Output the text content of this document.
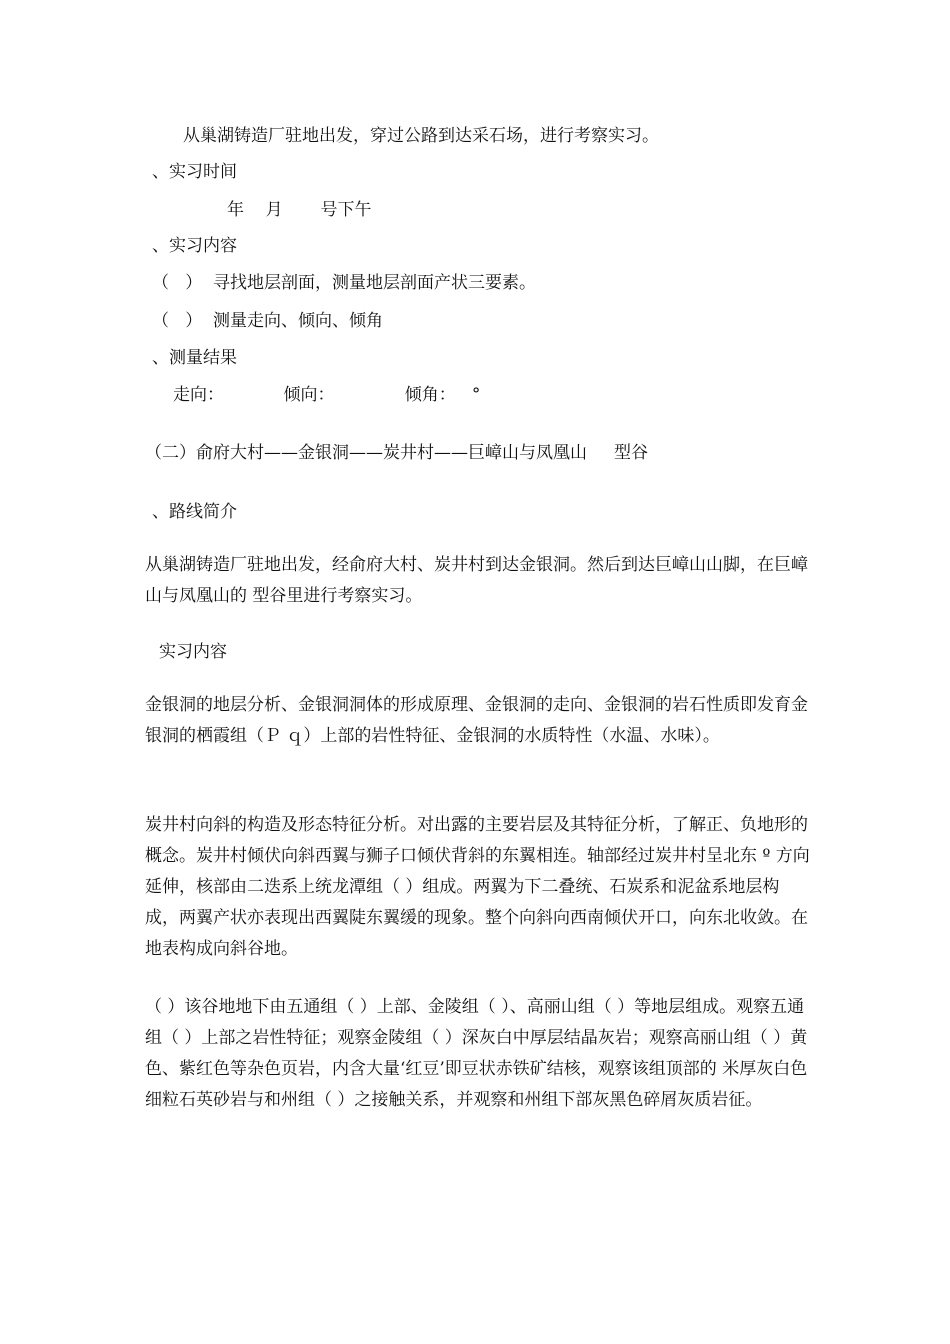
从巢湖铸造厂驻地出发，穿过公路到达采石场，进行考察实习。
、实习时间
年    月       号下午
、实习内容
（   ）  寻找地层剖面，测量地层剖面产状三要素。
（   ）  测量走向、倾向、倾角
、测量结果
走向：           倾向：             倾角：   °
（二）俞府大村——金银洞——炭井村——巨嶂山与凤凰山     型谷
、路线简介

从巢湖铸造厂驻地出发，经俞府大村、炭井村到达金银洞。然后到达巨嶂山山脚，在巨嶂山与凤凰山的 型谷里进行考察实习。

实习内容

金银洞的地层分析、金银洞洞体的形成原理、金银洞的走向、金银洞的岩石性质即发育金银洞的栖霞组（Ｐ ｑ）上部的岩性特征、金银洞的水质特性（水温、水味）。

炭井村向斜的构造及形态特征分析。对出露的主要岩层及其特征分析，了解正、负地形的概念。炭井村倾伏向斜西翼与狮子口倾伏背斜的东翼相连。轴部经过炭井村呈北东 º 方向延伸，核部由二迭系上统龙潭组（ ）组成。两翼为下二叠统、石炭系和泥盆系地层构成，两翼产状亦表现出西翼陡东翼缓的现象。整个向斜向西南倾伏开口，向东北收敛。在地表构成向斜谷地。

（ ）该谷地地下由五通组（ ）上部、金陵组（ ）、高丽山组（ ）等地层组成。观察五通组（ ）上部之岩性特征；观察金陵组（ ）深灰白中厚层结晶灰岩；观察高丽山组（ ）黄色、紫红色等杂色页岩，内含大量‘红豆’即豆状赤铁矿结核，观察该组顶部的 米厚灰白色细粒石英砂岩与和州组（ ）之接触关系，并观察和州组下部灰黑色碎屑灰质岩征。
